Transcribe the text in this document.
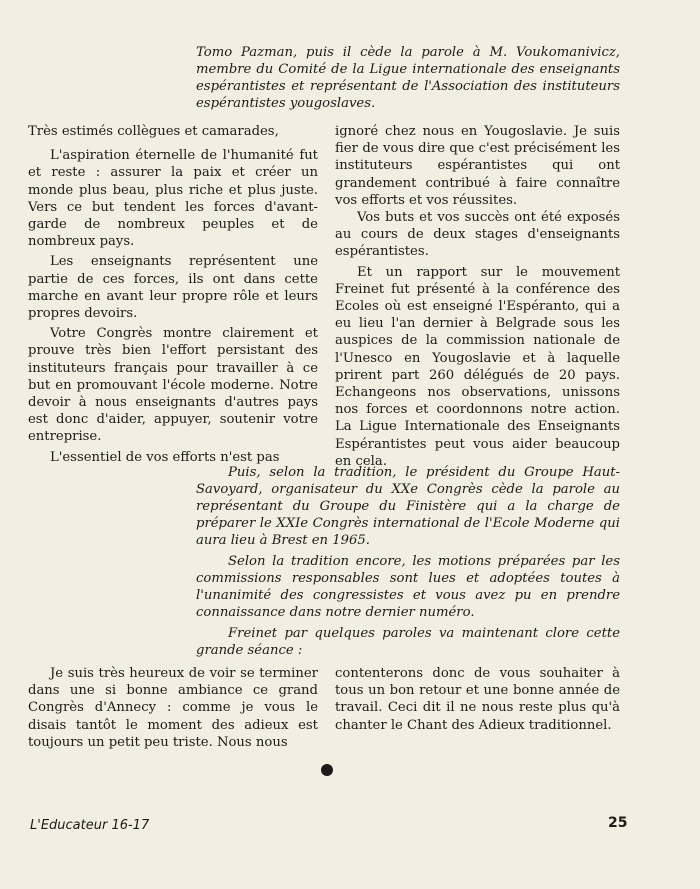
Tomo Pazman, puis il cède la parole à M. Voukomanivicz, membre du Comité de la Ligue internationale des enseignants espérantistes et représentant de l'Association des instituteurs espérantistes yougoslaves.

Très estimés collègues et camarades,

L'aspiration éternelle de l'humanité fut et reste : assurer la paix et créer un monde plus beau, plus riche et plus juste. Vers ce but tendent les forces d'avant-garde de nombreux peuples et de nombreux pays.

Les enseignants représentent une partie de ces forces, ils ont dans cette marche en avant leur propre rôle et leurs propres devoirs.

Votre Congrès montre clairement et prouve très bien l'effort persistant des instituteurs français pour travailler à ce but en promouvant l'école moderne. Notre devoir à nous enseignants d'autres pays est donc d'aider, appuyer, soutenir votre entreprise.

L'essentiel de vos efforts n'est pas

ignoré chez nous en Yougoslavie. Je suis fier de vous dire que c'est précisément les instituteurs espérantistes qui ont grandement contribué à faire connaître vos efforts et vos réussites.

Vos buts et vos succès ont été exposés au cours de deux stages d'enseignants espérantistes.

Et un rapport sur le mouvement Freinet fut présenté à la conférence des Ecoles où est enseigné l'Espéranto, qui a eu lieu l'an dernier à Belgrade sous les auspices de la commission nationale de l'Unesco en Yougoslavie et à laquelle prirent part 260 délégués de 20 pays. Echangeons nos observations, unissons nos forces et coordonnons notre action. La Ligue Internationale des Enseignants Espérantistes peut vous aider beaucoup en cela.

Puis, selon la tradition, le président du Groupe Haut-Savoyard, organisateur du XXe Congrès cède la parole au représentant du Groupe du Finistère qui a la charge de préparer le XXIe Congrès international de l'Ecole Moderne qui aura lieu à Brest en 1965.

Selon la tradition encore, les motions préparées par les commissions responsables sont lues et adoptées toutes à l'unanimité des congressistes et vous avez pu en prendre connaissance dans notre dernier numéro.

Freinet par quelques paroles va maintenant clore cette grande séance :

Je suis très heureux de voir se terminer dans une si bonne ambiance ce grand Congrès d'Annecy : comme je vous le disais tantôt le moment des adieux est toujours un petit peu triste. Nous nous

contenterons donc de vous souhaiter à tous un bon retour et une bonne année de travail. Ceci dit il ne nous reste plus qu'à chanter le Chant des Adieux traditionnel.

L'Educateur 16-17	25
